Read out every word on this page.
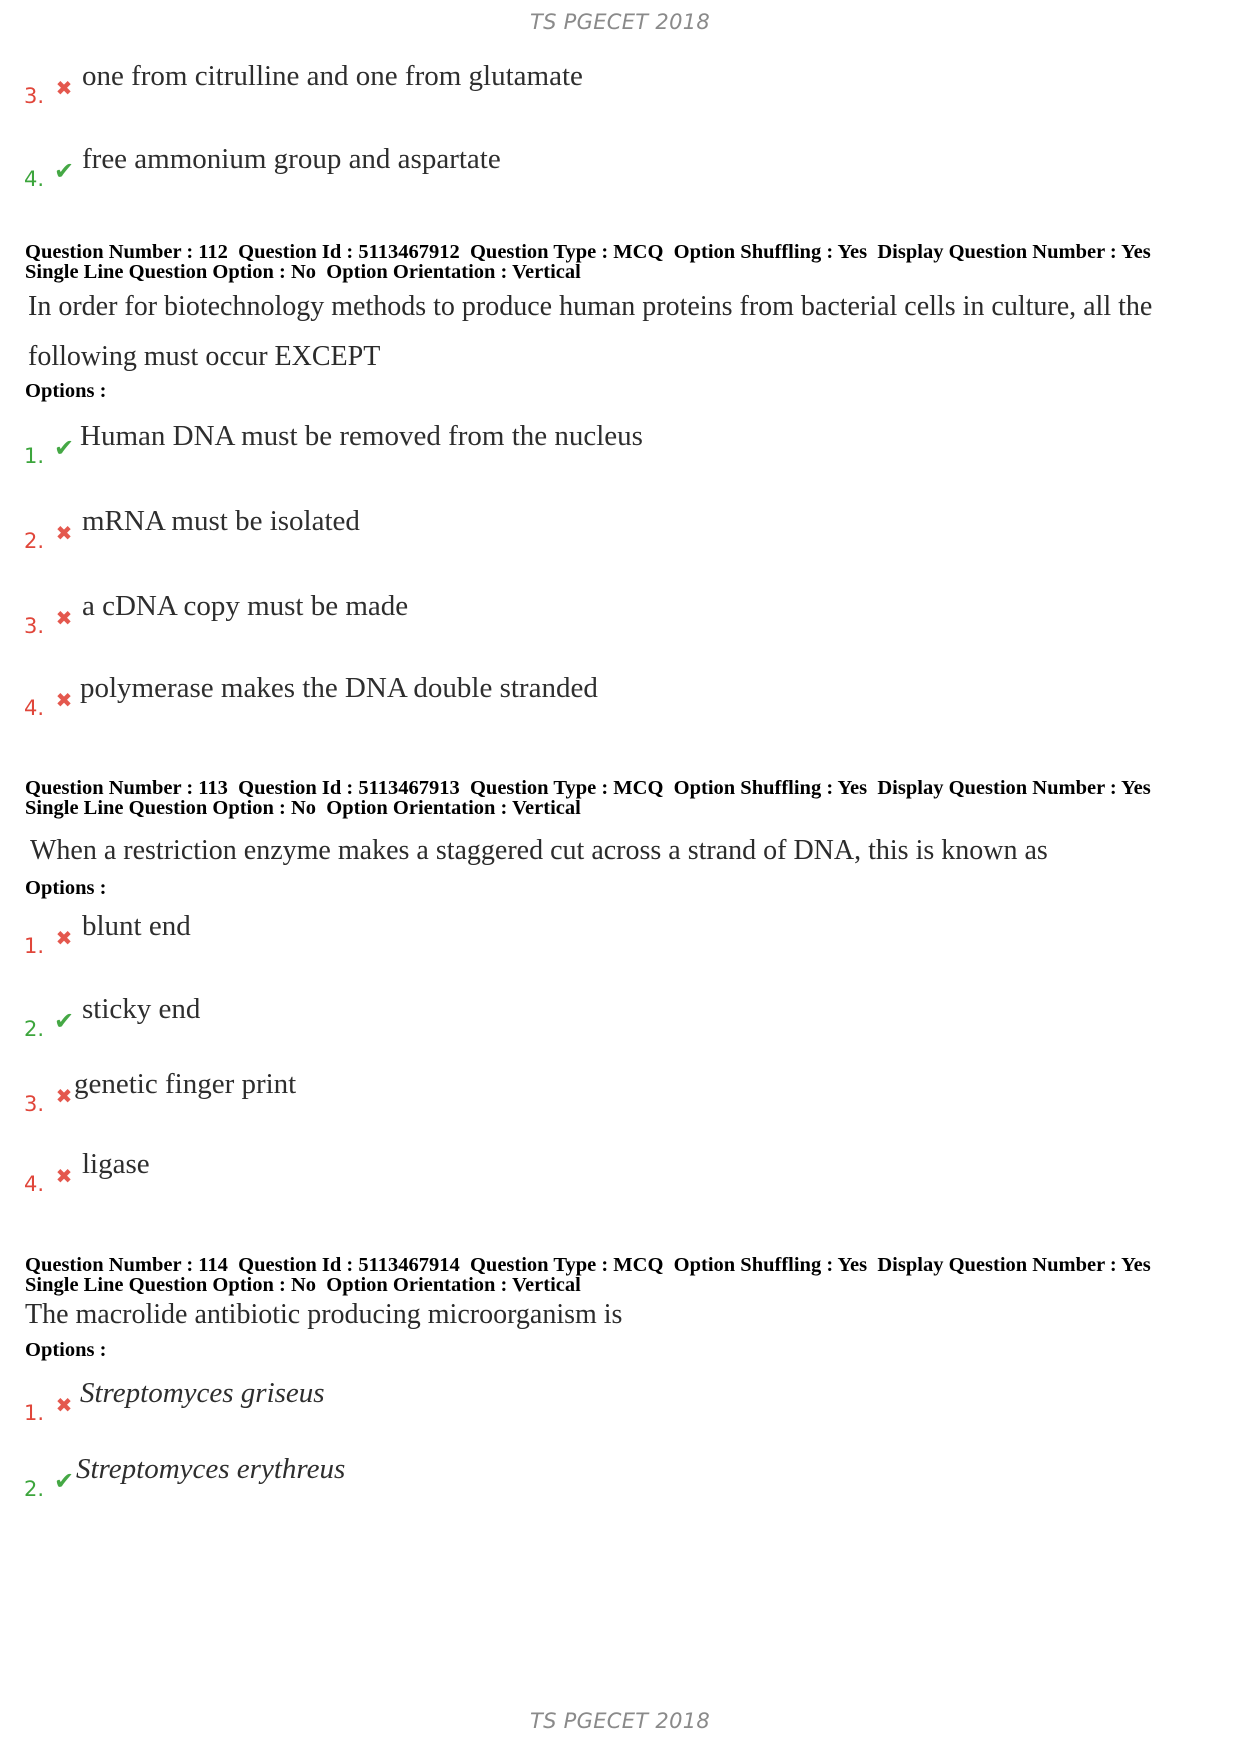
TS PGECET 2018
3. ✖ one from citrulline and one from glutamate
4. ✔ free ammonium group and aspartate
Question Number : 112  Question Id : 5113467912  Question Type : MCQ  Option Shuffling : Yes  Display Question Number : Yes
Single Line Question Option : No  Option Orientation : Vertical
In order for biotechnology methods to produce human proteins from bacterial cells in culture, all the following must occur EXCEPT
Options :
1. ✔ Human DNA must be removed from the nucleus
2. ✖ mRNA must be isolated
3. ✖ a cDNA copy must be made
4. ✖ polymerase makes the DNA double stranded
Question Number : 113  Question Id : 5113467913  Question Type : MCQ  Option Shuffling : Yes  Display Question Number : Yes
Single Line Question Option : No  Option Orientation : Vertical
When a restriction enzyme makes a staggered cut across a strand of DNA, this is known as
Options :
1. ✖ blunt end
2. ✔ sticky end
3. ✖ genetic finger print
4. ✖ ligase
Question Number : 114  Question Id : 5113467914  Question Type : MCQ  Option Shuffling : Yes  Display Question Number : Yes
Single Line Question Option : No  Option Orientation : Vertical
The macrolide antibiotic producing microorganism is
Options :
1. ✖ Streptomyces griseus
2. ✔ Streptomyces erythreus
TS PGECET 2018
